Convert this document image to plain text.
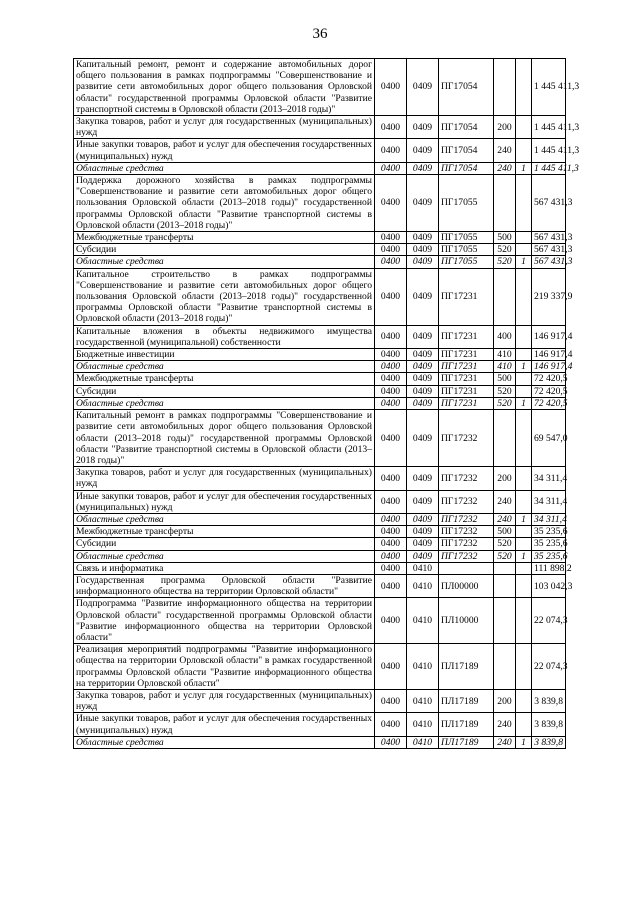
36
Капитальный ремонт, ремонт и содержание автомобильных дорог общего пользования в рамках подпрограммы "Совершенствование и развитие сети автомобильных дорог общего пользования Орловской области" государственной программы Орловской области "Развитие транспортной системы в Орловской области (2013–2018 годы)"	0400	0409	ПГ17054			1 445 411,3
Закупка товаров, работ и услуг для государственных (муниципальных) нужд	0400	0409	ПГ17054	200		1 445 411,3
Иные закупки товаров, работ и услуг для обеспечения государственных (муниципальных) нужд	0400	0409	ПГ17054	240		1 445 411,3
Областные средства	0400	0409	ПГ17054	240	1	1 445 411,3
Поддержка дорожного хозяйства в рамках подпрограммы "Совершенствование и развитие сети автомобильных дорог общего пользования Орловской области (2013–2018 годы)" государственной программы Орловской области "Развитие транспортной системы в Орловской области (2013–2018 годы)"	0400	0409	ПГ17055			567 431,3
Межбюджетные трансферты	0400	0409	ПГ17055	500		567 431,3
Субсидии	0400	0409	ПГ17055	520		567 431,3
Областные средства	0400	0409	ПГ17055	520	1	567 431,3
Капитальное строительство в рамках подпрограммы "Совершенствование и развитие сети автомобильных дорог общего пользования Орловской области (2013–2018 годы)" государственной программы Орловской области "Развитие транспортной системы в Орловской области (2013–2018 годы)"	0400	0409	ПГ17231			219 337,9
Капитальные вложения в объекты недвижимого имущества государственной (муниципальной) собственности	0400	0409	ПГ17231	400		146 917,4
Бюджетные инвестиции	0400	0409	ПГ17231	410		146 917,4
Областные средства	0400	0409	ПГ17231	410	1	146 917,4
Межбюджетные трансферты	0400	0409	ПГ17231	500		72 420,5
Субсидии	0400	0409	ПГ17231	520		72 420,5
Областные средства	0400	0409	ПГ17231	520	1	72 420,5
Капитальный ремонт в рамках подпрограммы "Совершенствование и развитие сети автомобильных дорог общего пользования Орловской области (2013–2018 годы)" государственной программы Орловской области "Развитие транспортной системы в Орловской области (2013–2018 годы)"	0400	0409	ПГ17232			69 547,0
Закупка товаров, работ и услуг для государственных (муниципальных) нужд	0400	0409	ПГ17232	200		34 311,4
Иные закупки товаров, работ и услуг для обеспечения государственных (муниципальных) нужд	0400	0409	ПГ17232	240		34 311,4
Областные средства	0400	0409	ПГ17232	240	1	34 311,4
Межбюджетные трансферты	0400	0409	ПГ17232	500		35 235,6
Субсидии	0400	0409	ПГ17232	520		35 235,6
Областные средства	0400	0409	ПГ17232	520	1	35 235,6
Связь и информатика	0400	0410				111 898,2
Государственная программа Орловской области "Развитие информационного общества на территории Орловской области"	0400	0410	ПЛ00000			103 042,3
Подпрограмма "Развитие информационного общества на территории Орловской области" государственной программы Орловской области "Развитие информационного общества на территории Орловской области"	0400	0410	ПЛ10000			22 074,3
Реализация мероприятий подпрограммы "Развитие информационного общества на территории Орловской области" в рамках государственной программы Орловской области "Развитие информационного общества на территории Орловской области"	0400	0410	ПЛ17189			22 074,3
Закупка товаров, работ и услуг для государственных (муниципальных) нужд	0400	0410	ПЛ17189	200		3 839,8
Иные закупки товаров, работ и услуг для обеспечения государственных (муниципальных) нужд	0400	0410	ПЛ17189	240		3 839,8
Областные средства	0400	0410	ПЛ17189	240	1	3 839,8
